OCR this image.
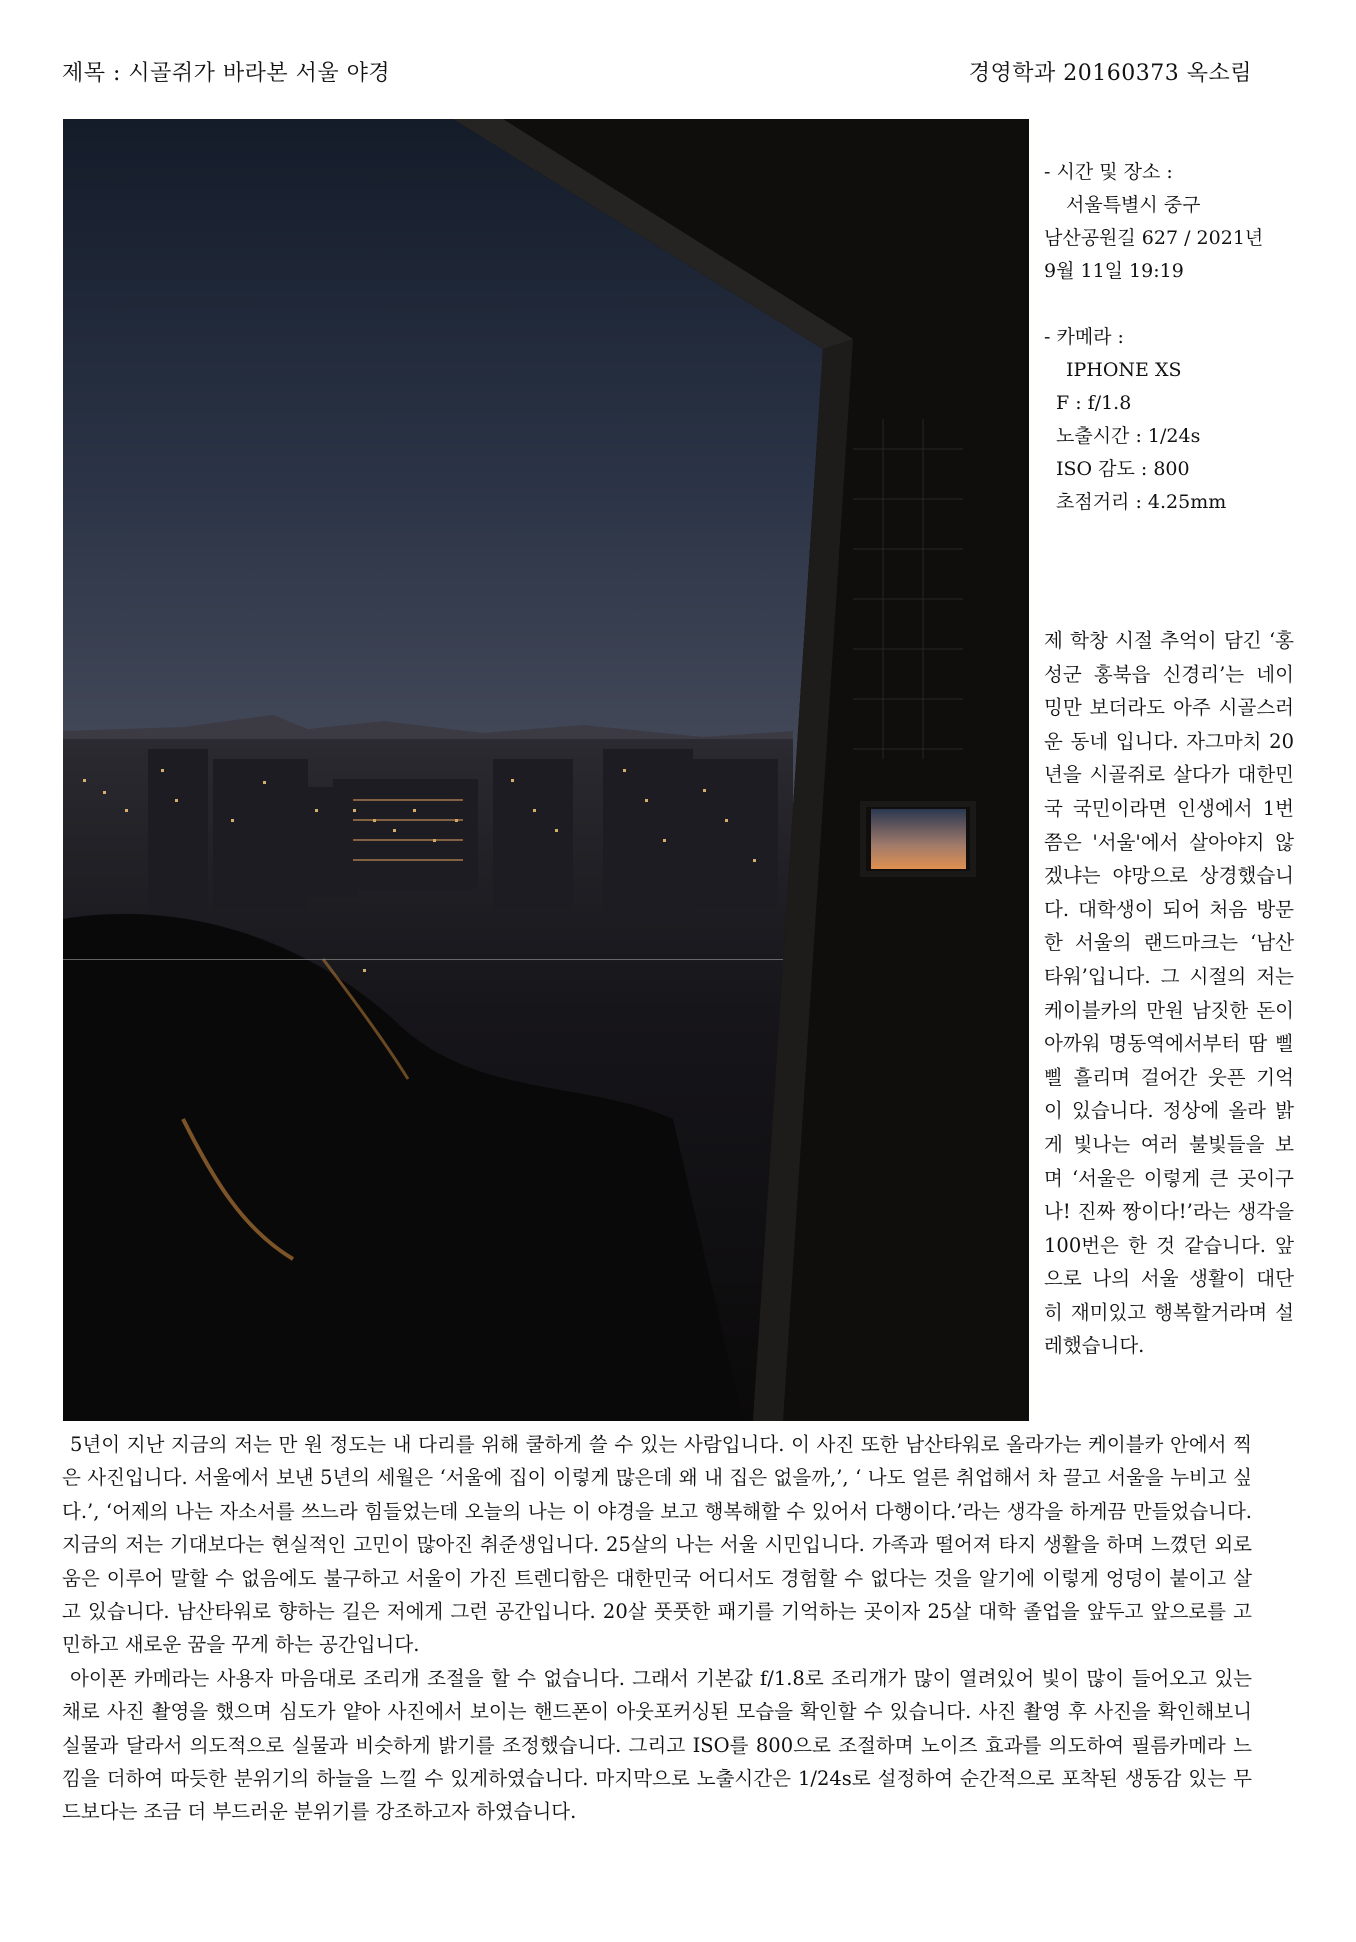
제목 : 시골쥐가 바라본 서울 야경	경영학과 20160373 옥소림
- 시간 및 장소 :
서울특별시 중구
남산공원길 627 / 2021년
9월 11일 19:19
- 카메라 :
IPHONE XS
F : f/1.8
노출시간 : 1/24s
ISO 감도 : 800
초점거리 : 4.25mm
제 학창 시절 추억이 담긴 ‘홍성군 홍북읍 신경리’는 네이밍만 보더라도 아주 시골스러운 동네 입니다. 자그마치 20년을 시골쥐로 살다가 대한민국 국민이라면 인생에서 1번쯤은 '서울'에서 살아야지 않겠냐는 야망으로 상경했습니다. 대학생이 되어 처음 방문한 서울의 랜드마크는 ‘남산타워’입니다. 그 시절의 저는 케이블카의 만원 남짓한 돈이 아까워 명동역에서부터 땀 삘삘 흘리며 걸어간 웃픈 기억이 있습니다. 정상에 올라 밝게 빛나는 여러 불빛들을 보며 ‘서울은 이렇게 큰 곳이구나! 진짜 짱이다!’라는 생각을 100번은 한 것 같습니다. 앞으로 나의 서울 생활이 대단히 재미있고 행복할거라며 설레했습니다.

5년이 지난 지금의 저는 만 원 정도는 내 다리를 위해 쿨하게 쓸 수 있는 사람입니다. 이 사진 또한 남산타워로 올라가는 케이블카 안에서 찍은 사진입니다. 서울에서 보낸 5년의 세월은 ‘서울에 집이 이렇게 많은데 왜 내 집은 없을까,’, ‘ 나도 얼른 취업해서 차 끌고 서울을 누비고 싶다.’, ‘어제의 나는 자소서를 쓰느라 힘들었는데 오늘의 나는 이 야경을 보고 행복해할 수 있어서 다행이다.’라는 생각을 하게끔 만들었습니다. 지금의 저는 기대보다는 현실적인 고민이 많아진 취준생입니다. 25살의 나는 서울 시민입니다. 가족과 떨어져 타지 생활을 하며 느꼈던 외로움은 이루어 말할 수 없음에도 불구하고 서울이 가진 트렌디함은 대한민국 어디서도 경험할 수 없다는 것을 알기에 이렇게 엉덩이 붙이고 살고 있습니다. 남산타워로 향하는 길은 저에게 그런 공간입니다. 20살 풋풋한 패기를 기억하는 곳이자 25살 대학 졸업을 앞두고 앞으로를 고민하고 새로운 꿈을 꾸게 하는 공간입니다.

아이폰 카메라는 사용자 마음대로 조리개 조절을 할 수 없습니다. 그래서 기본값 f/1.8로 조리개가 많이 열려있어 빛이 많이 들어오고 있는 채로 사진 촬영을 했으며 심도가 얕아 사진에서 보이는 핸드폰이 아웃포커싱된 모습을 확인할 수 있습니다. 사진 촬영 후 사진을 확인해보니 실물과 달라서 의도적으로 실물과 비슷하게 밝기를 조정했습니다. 그리고 ISO를 800으로 조절하며 노이즈 효과를 의도하여 필름카메라 느낌을 더하여 따듯한 분위기의 하늘을 느낄 수 있게하였습니다. 마지막으로 노출시간은 1/24s로 설정하여 순간적으로 포착된 생동감 있는 무드보다는 조금 더 부드러운 분위기를 강조하고자 하였습니다.
